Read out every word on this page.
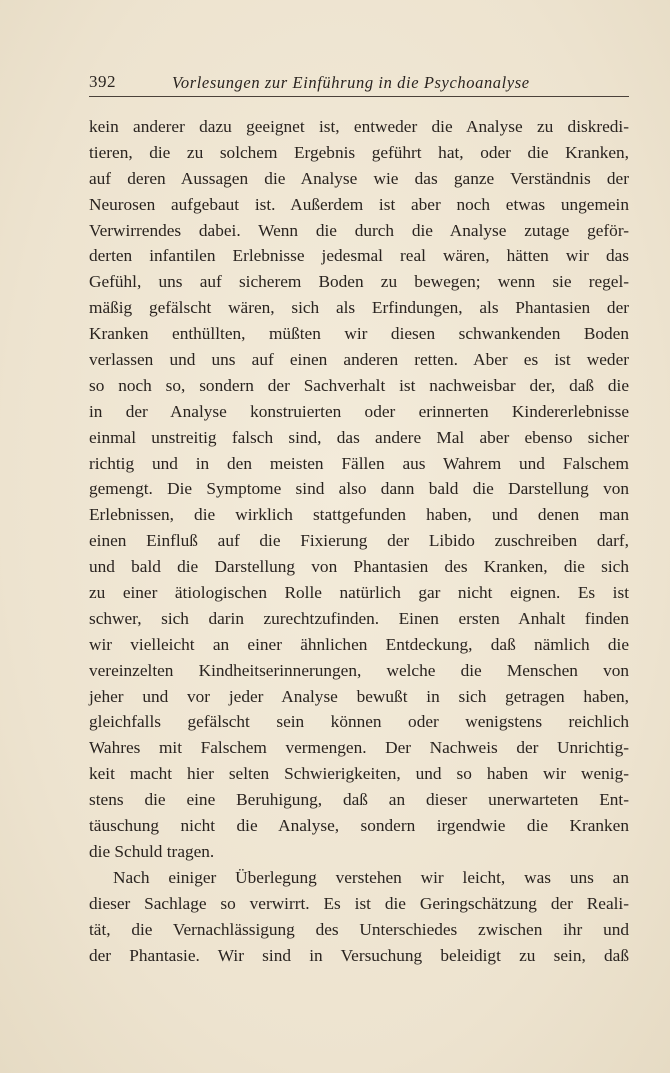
392	Vorlesungen zur Einführung in die Psychoanalyse
kein anderer dazu geeignet ist, entweder die Analyse zu diskredi-
tieren, die zu solchem Ergebnis geführt hat, oder die Kranken,
auf deren Aussagen die Analyse wie das ganze Verständnis der
Neurosen aufgebaut ist. Außerdem ist aber noch etwas ungemein
Verwirrendes dabei. Wenn die durch die Analyse zutage geför-
derten infantilen Erlebnisse jedesmal real wären, hätten wir das
Gefühl, uns auf sicherem Boden zu bewegen; wenn sie regel-
mäßig gefälscht wären, sich als Erfindungen, als Phantasien der
Kranken enthüllten, müßten wir diesen schwankenden Boden
verlassen und uns auf einen anderen retten. Aber es ist weder
so noch so, sondern der Sachverhalt ist nachweisbar der, daß die
in der Analyse konstruierten oder erinnerten Kindererlebnisse
einmal unstreitig falsch sind, das andere Mal aber ebenso sicher
richtig und in den meisten Fällen aus Wahrem und Falschem
gemengt. Die Symptome sind also dann bald die Darstellung von
Erlebnissen, die wirklich stattgefunden haben, und denen man
einen Einfluß auf die Fixierung der Libido zuschreiben darf,
und bald die Darstellung von Phantasien des Kranken, die sich
zu einer ätiologischen Rolle natürlich gar nicht eignen. Es ist
schwer, sich darin zurechtzufinden. Einen ersten Anhalt finden
wir vielleicht an einer ähnlichen Entdeckung, daß nämlich die
vereinzelten Kindheitserinnerungen, welche die Menschen von
jeher und vor jeder Analyse bewußt in sich getragen haben,
gleichfalls gefälscht sein können oder wenigstens reichlich
Wahres mit Falschem vermengen. Der Nachweis der Unrichtig-
keit macht hier selten Schwierigkeiten, und so haben wir wenig-
stens die eine Beruhigung, daß an dieser unerwarteten Ent-
täuschung nicht die Analyse, sondern irgendwie die Kranken
die Schuld tragen.
Nach einiger Überlegung verstehen wir leicht, was uns an
dieser Sachlage so verwirrt. Es ist die Geringschätzung der Reali-
tät, die Vernachlässigung des Unterschiedes zwischen ihr und
der Phantasie. Wir sind in Versuchung beleidigt zu sein, daß
